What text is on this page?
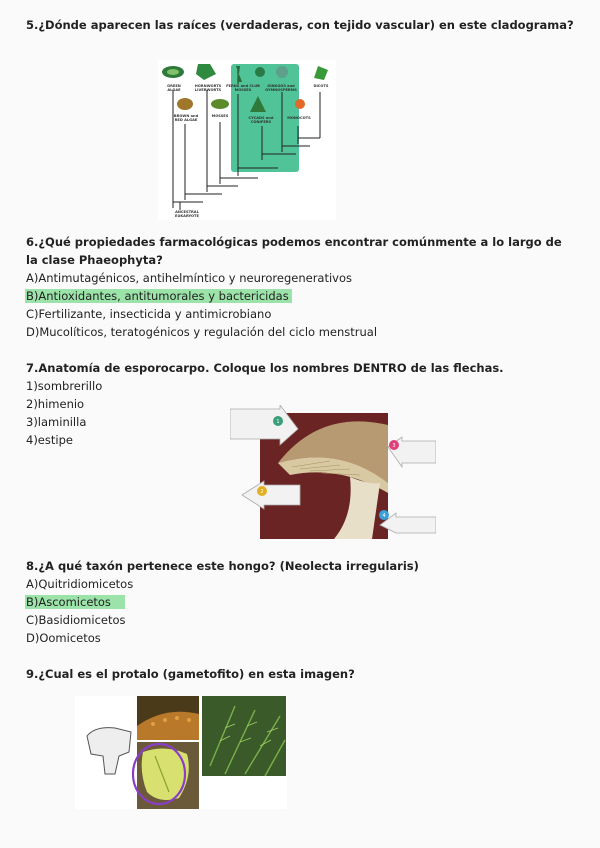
5.¿Dónde aparecen las raíces (verdaderas, con tejido vascular) en este cladograma?
GREEN ALGAE
HORNWORTS LIVERWORTS
FERNS and CLUB MOSSES
GINKGOS and GYMNOSPERMS
DICOTS
BROWN and RED ALGAE
MOSSES	CYCADS and CONIFERS
MONOCOTS
ANCESTRAL EUKARYOTE
6.¿Qué propiedades farmacológicas podemos encontrar comúnmente a lo largo de la clase Phaeophyta?
A)Antimutagénicos, antihelmíntico y neuroregenerativos
B)Antioxidantes, antitumorales y bactericidas
C)Fertilizante, insecticida y antimicrobiano
D)Mucolíticos, teratogénicos y regulación del ciclo menstrual
7.Anatomía de esporocarpo. Coloque los nombres DENTRO de las flechas.
1)sombrerillo
2)himenio
3)laminilla
4)estipe
1
2
3
4
8.¿A qué taxón pertenece este hongo? (Neolecta irregularis)
A)Quitridiomicetos
B)Ascomicetos
C)Basidiomicetos
D)Oomicetos
9.¿Cual es el protalo (gametofito) en esta imagen?
